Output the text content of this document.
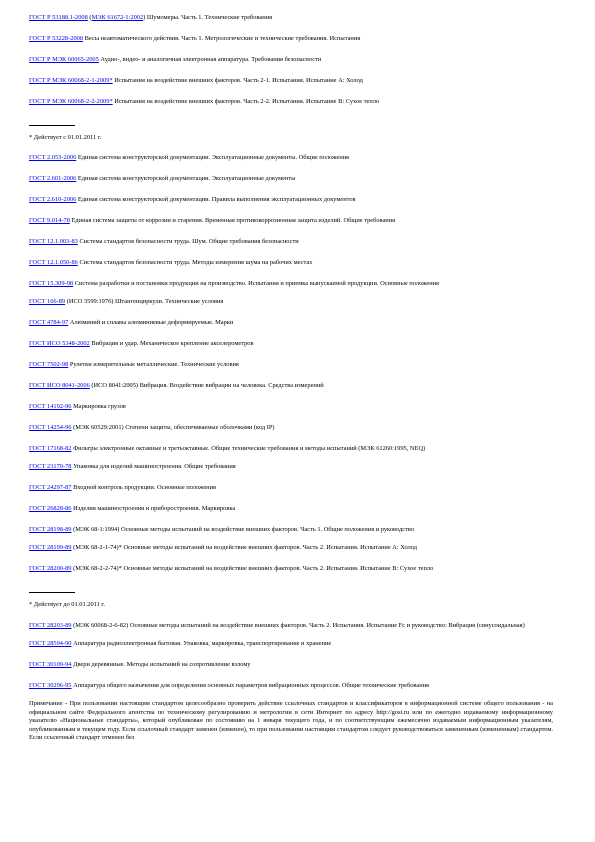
ГОСТ Р 53188.1-2008 (МЭК 61672-1:2002) Шумомеры. Часть 1. Технические требования

ГОСТ Р 53228-2008 Весы неавтоматического действия. Часть 1. Метрологические и технические требования. Испытания

ГОСТ Р МЭК 60065-2005 Аудио-, видео- и аналогичная электронная аппаратура. Требования безопасности

ГОСТ Р МЭК 60068-2-1-2009* Испытания на воздействие внешних факторов. Часть 2-1. Испытания. Испытание А: Холод

ГОСТ Р МЭК 60068-2-2-2009* Испытания на воздействие внешних факторов. Часть 2-2. Испытания. Испытание В: Сухое тепло

* Действует с 01.01.2011 г.

ГОСТ 2.053-2006 Единая система конструкторской документации. Эксплуатационные документы. Общие положения

ГОСТ 2.601-2006 Единая система конструкторской документации. Эксплуатационные документы

ГОСТ 2.610-2006 Единая система конструкторской документации. Правила выполнения эксплуатационных документов

ГОСТ 9.014-78 Единая система защиты от коррозии и старения. Временная противокоррозионная защита изделий. Общие требования

ГОСТ 12.1.003-83 Система стандартов безопасности труда. Шум. Общие требования безопасности

ГОСТ 12.1.050-86 Система стандартов безопасности труда. Методы измерения шума на рабочих местах

ГОСТ 15.309-98 Система разработки и постановки продукции на производство. Испытания и приемка выпускаемой продукции. Основные положения

ГОСТ 166-89 (ИСО 3599:1976) Штангенциркули. Технические условия

ГОСТ 4784-97 Алюминий и сплавы алюминиевые деформируемые. Марки

ГОСТ ИСО 5348-2002 Вибрация и удар. Механическое крепление акселерометров

ГОСТ 7502-98 Рулетки измерительные металлические. Технические условия

ГОСТ ИСО 8041-2006 (ИСО 8041:2005) Вибрация. Воздействие вибрации на человека. Средства измерений

ГОСТ 14192-96 Маркировка грузов

ГОСТ 14254-96 (МЭК 60529:2001) Степени защиты, обеспечиваемые оболочками (код IP)

ГОСТ 17168-82 Фильтры электронные октавные и третьоктавные. Общие технические требования и методы испытаний (МЭК 61260:1995, NEQ)

ГОСТ 23170-78 Упаковка для изделий машиностроения. Общие требования

ГОСТ 24297-87 Входной контроль продукции. Основные положения

ГОСТ 26828-86 Изделия машиностроения и приборостроения. Маркировка

ГОСТ 28198-89 (МЭК 68-1:1994) Основные методы испытаний на воздействие внешних факторов. Часть 1. Общие положения и руководство

ГОСТ 28199-89 (МЭК 68-2-1-74)* Основные методы испытаний на воздействие внешних факторов. Часть 2. Испытания. Испытание А: Холод

ГОСТ 28200-89 (МЭК 68-2-2-74)* Основные методы испытаний на воздействие внешних факторов. Часть 2. Испытания. Испытание В: Сухое тепло

* Действует до 01.01.2011 г.

ГОСТ 28203-89 (МЭК 60068-2-6-82) Основные методы испытаний на воздействие внешних факторов. Часть 2. Испытания. Испытание Fc и руководство: Вибрация (синусоидальная)

ГОСТ 28594-90 Аппаратура радиоэлектронная бытовая. Упаковка, маркировка, транспортирование и хранение

ГОСТ 30109-94 Двери деревянные. Методы испытаний на сопротивление взлому

ГОСТ 30296-95 Аппаратура общего назначения для определения основных параметров вибрационных процессов. Общие технические требования

Примечание - При пользовании настоящим стандартом целесообразно проверить действие ссылочных стандартов и классификаторов в информационной системе общего пользования - на официальном сайте Федерального агентства по техническому регулированию и метрологии в сети Интернет по адресу http://gost.ru или по ежегодно издаваемому информационному указателю «Национальные стандарты», который опубликован по состоянию на 1 января текущего года, и по соответствующим ежемесячно издаваемым информационным указателям, опубликованным в текущем году. Если ссылочный стандарт заменен (изменен), то при пользовании настоящим стандартом следует руководствоваться замененным (измененным) стандартом. Если ссылочный стандарт отменен без
